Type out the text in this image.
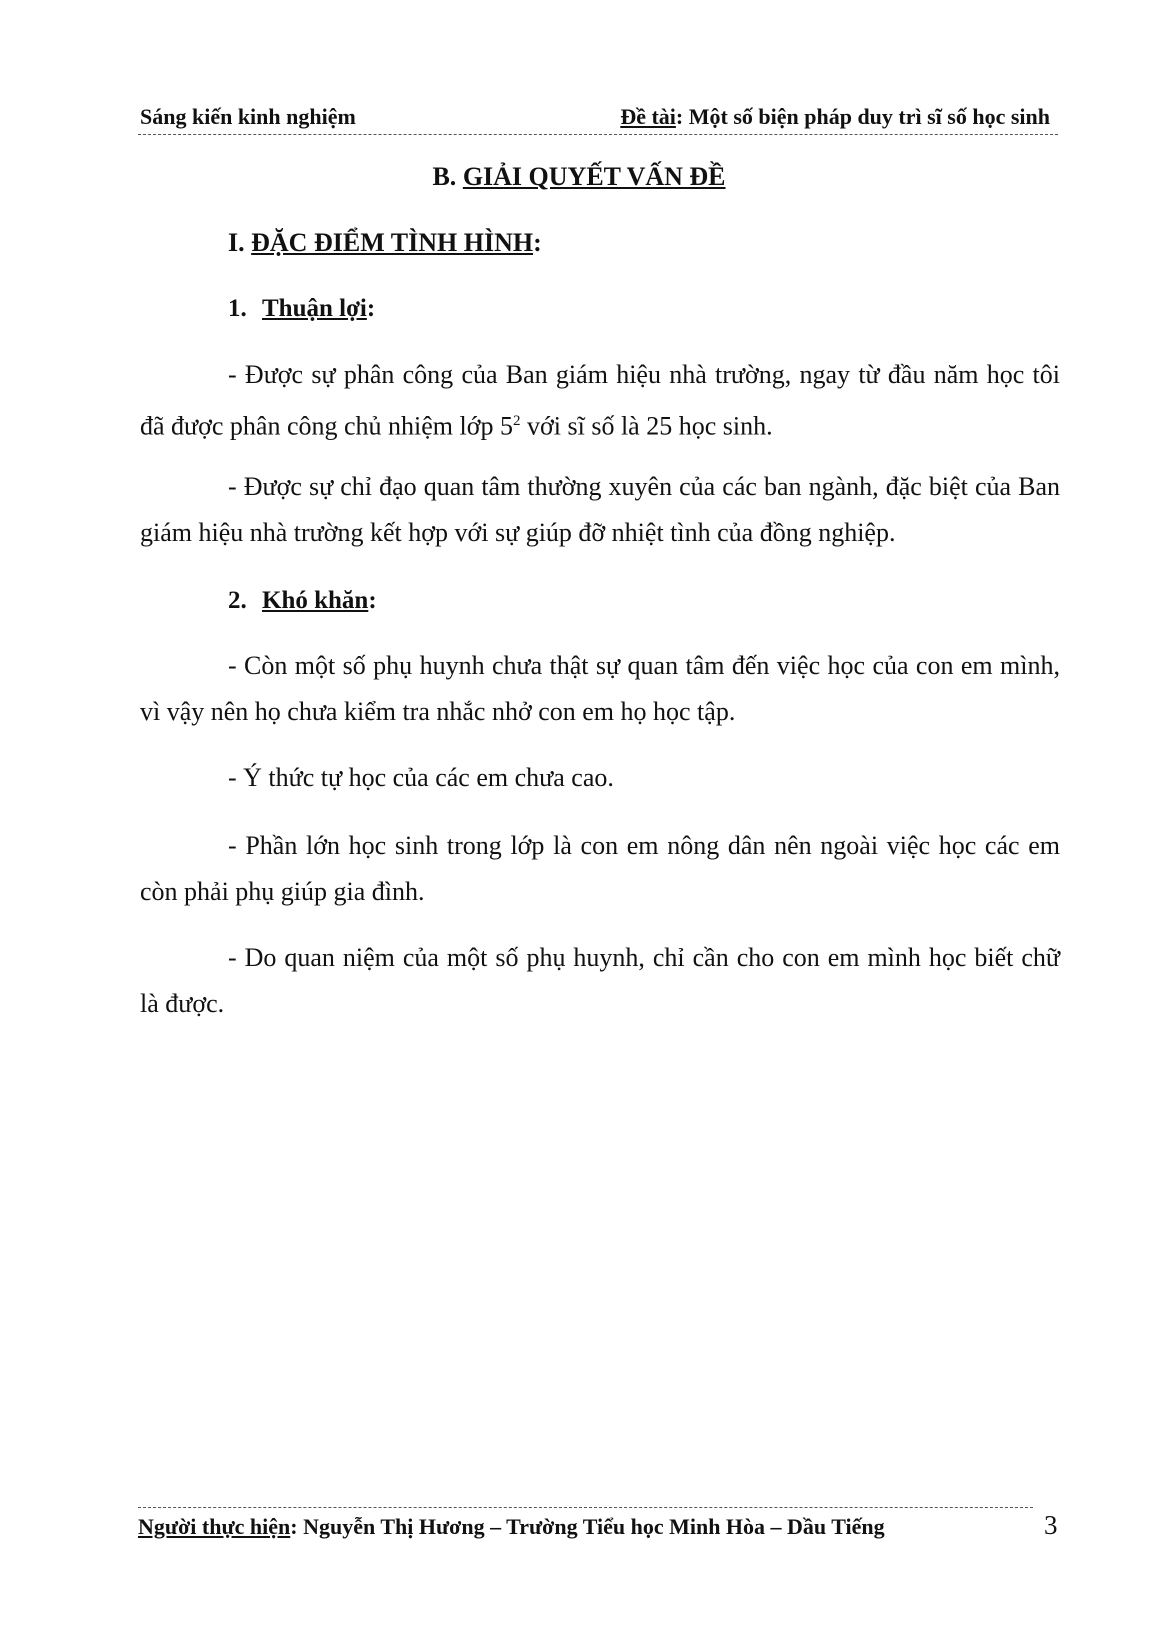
Sáng kiến kinh nghiệm	Đề tài: Một số biện pháp duy trì sĩ số học sinh
B. GIẢI QUYẾT VẤN ĐỀ
I. ĐẶC ĐIỂM TÌNH HÌNH:
1. Thuận lợi:

- Được sự phân công của Ban giám hiệu nhà trường, ngay từ đầu năm học tôi đã được phân công chủ nhiệm lớp $5^2$ với sĩ số là 25 học sinh.

- Được sự chỉ đạo quan tâm thường xuyên của các ban ngành, đặc biệt của Ban giám hiệu nhà trường kết hợp với sự giúp đỡ nhiệt tình của đồng nghiệp.

2. Khó khăn:

- Còn một số phụ huynh chưa thật sự quan tâm đến việc học của con em mình, vì vậy nên họ chưa kiểm tra nhắc nhở con em họ học tập.

- Ý thức tự học của các em chưa cao.

- Phần lớn học sinh trong lớp là con em nông dân nên ngoài việc học các em còn phải phụ giúp gia đình.

- Do quan niệm của một số phụ huynh, chỉ cần cho con em mình học biết chữ là được.

Người thực hiện: Nguyễn Thị Hương – Trường Tiểu học Minh Hòa – Dầu Tiếng	3
